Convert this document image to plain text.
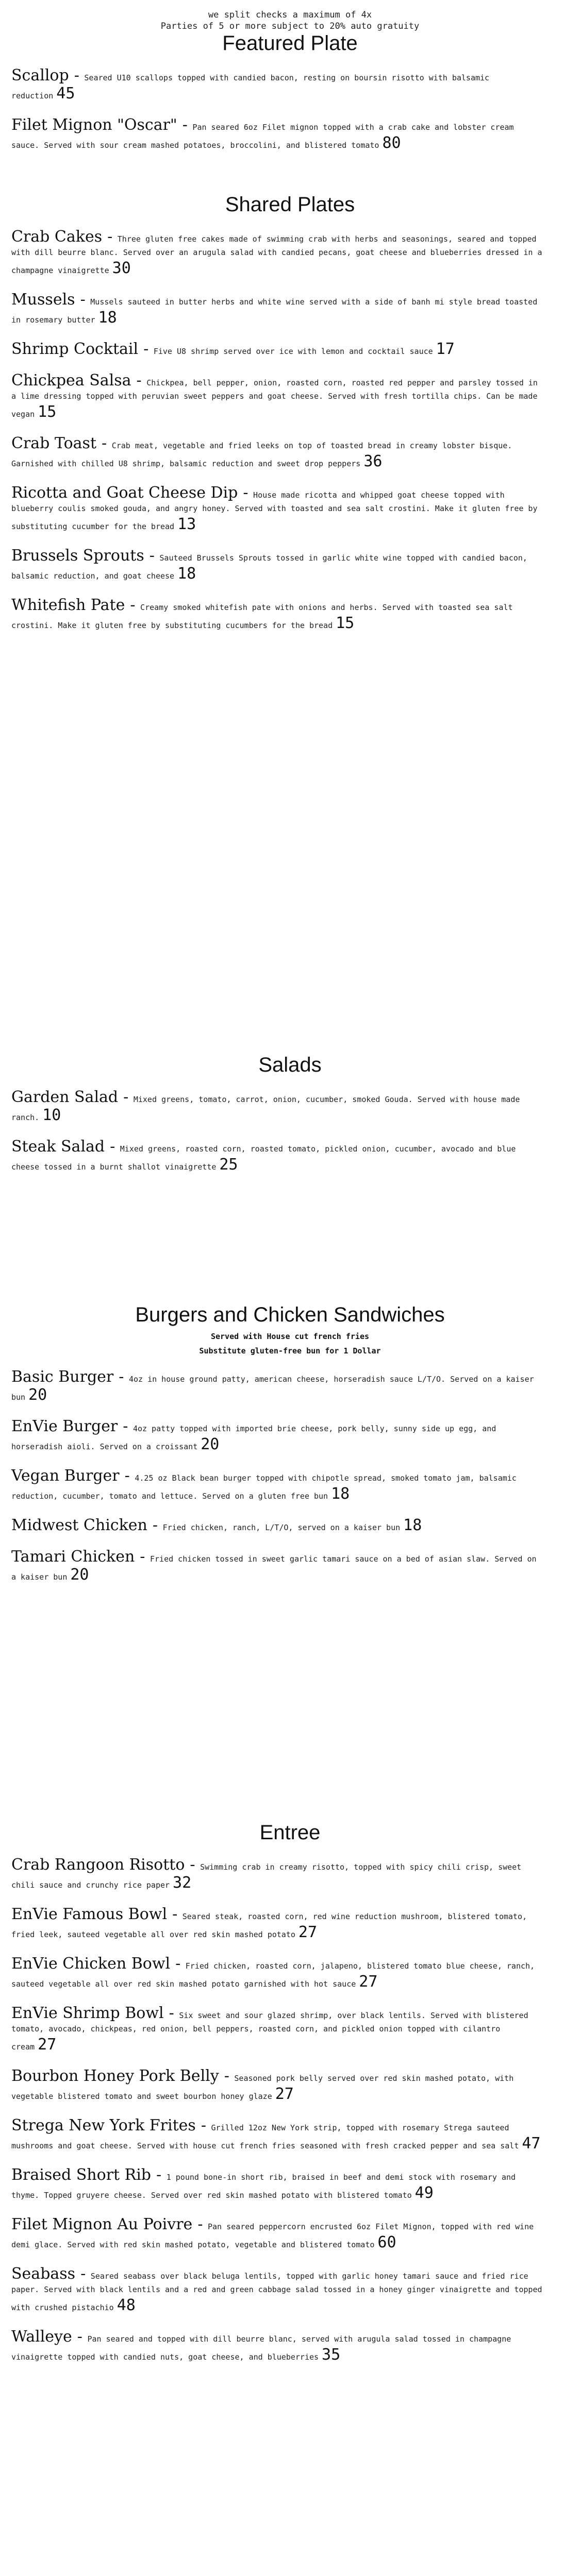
we split checks a maximum of 4x
Parties of 5 or more subject to 20% auto gratuity
Featured Plate
Scallop - Seared U10 scallops topped with candied bacon, resting on boursin risotto with balsamic reduction 45
Filet Mignon "Oscar" - Pan seared 6oz Filet mignon topped with a crab cake and lobster cream sauce. Served with sour cream mashed potatoes, broccolini, and blistered tomato 80
Shared Plates
Crab Cakes - Three gluten free cakes made of swimming crab with herbs and seasonings, seared and topped with dill beurre blanc. Served over an arugula salad with candied pecans, goat cheese and blueberries dressed in a champagne vinaigrette 30
Mussels - Mussels sauteed in butter herbs and white wine served with a side of banh mi style bread toasted in rosemary butter 18
Shrimp Cocktail - Five U8 shrimp served over ice with lemon and cocktail sauce 17
Chickpea Salsa - Chickpea, bell pepper, onion, roasted corn, roasted red pepper and parsley tossed in a lime dressing topped with peruvian sweet peppers and goat cheese. Served with fresh tortilla chips. Can be made vegan 15
Crab Toast - Crab meat, vegetable and fried leeks on top of toasted bread in creamy lobster bisque. Garnished with chilled U8 shrimp, balsamic reduction and sweet drop peppers 36
Ricotta and Goat Cheese Dip - House made ricotta and whipped goat cheese topped with blueberry coulis smoked gouda, and angry honey. Served with toasted and sea salt crostini. Make it gluten free by substituting cucumber for the bread 13
Brussels Sprouts - Sauteed Brussels Sprouts tossed in garlic white wine topped with candied bacon, balsamic reduction, and goat cheese 18
Whitefish Pate - Creamy smoked whitefish pate with onions and herbs. Served with toasted sea salt crostini. Make it gluten free by substituting cucumbers for the bread 15
Salads
Garden Salad - Mixed greens, tomato, carrot, onion, cucumber, smoked Gouda. Served with house made ranch. 10
Steak Salad - Mixed greens, roasted corn, roasted tomato, pickled onion, cucumber, avocado and blue cheese tossed in a burnt shallot vinaigrette 25
Burgers and Chicken Sandwiches
Served with House cut french fries
Substitute gluten-free bun for 1 Dollar
Basic Burger - 4oz in house ground patty, american cheese, horseradish sauce L/T/O. Served on a kaiser bun 20
EnVie Burger - 4oz patty topped with imported brie cheese, pork belly, sunny side up egg, and horseradish aioli. Served on a croissant 20
Vegan Burger - 4.25 oz Black bean burger topped with chipotle spread, smoked tomato jam, balsamic reduction, cucumber, tomato and lettuce. Served on a gluten free bun 18
Midwest Chicken - Fried chicken, ranch, L/T/O, served on a kaiser bun 18
Tamari Chicken - Fried chicken tossed in sweet garlic tamari sauce on a bed of asian slaw. Served on a kaiser bun 20
Entree
Crab Rangoon Risotto - Swimming crab in creamy risotto, topped with spicy chili crisp, sweet chili sauce and crunchy rice paper 32
EnVie Famous Bowl - Seared steak, roasted corn, red wine reduction mushroom, blistered tomato, fried leek, sauteed vegetable all over red skin mashed potato 27
EnVie Chicken Bowl - Fried chicken, roasted corn, jalapeno, blistered tomato blue cheese, ranch, sauteed vegetable all over red skin mashed potato garnished with hot sauce 27
EnVie Shrimp Bowl - Six sweet and sour glazed shrimp, over black lentils. Served with blistered tomato, avocado, chickpeas, red onion, bell peppers, roasted corn, and pickled onion topped with cilantro cream 27
Bourbon Honey Pork Belly - Seasoned pork belly served over red skin mashed potato, with vegetable blistered tomato and sweet bourbon honey glaze 27
Strega New York Frites - Grilled 12oz New York strip, topped with rosemary Strega sauteed mushrooms and goat cheese. Served with house cut french fries seasoned with fresh cracked pepper and sea salt 47
Braised Short Rib - 1 pound bone-in short rib, braised in beef and demi stock with rosemary and thyme. Topped gruyere cheese. Served over red skin mashed potato with blistered tomato 49
Filet Mignon Au Poivre - Pan seared peppercorn encrusted 6oz Filet Mignon, topped with red wine demi glace. Served with red skin mashed potato, vegetable and blistered tomato 60
Seabass - Seared seabass over black beluga lentils, topped with garlic honey tamari sauce and fried rice paper. Served with black lentils and a red and green cabbage salad tossed in a honey ginger vinaigrette and topped with crushed pistachio 48
Walleye - Pan seared and topped with dill beurre blanc, served with arugula salad tossed in champagne vinaigrette topped with candied nuts, goat cheese, and blueberries 35
